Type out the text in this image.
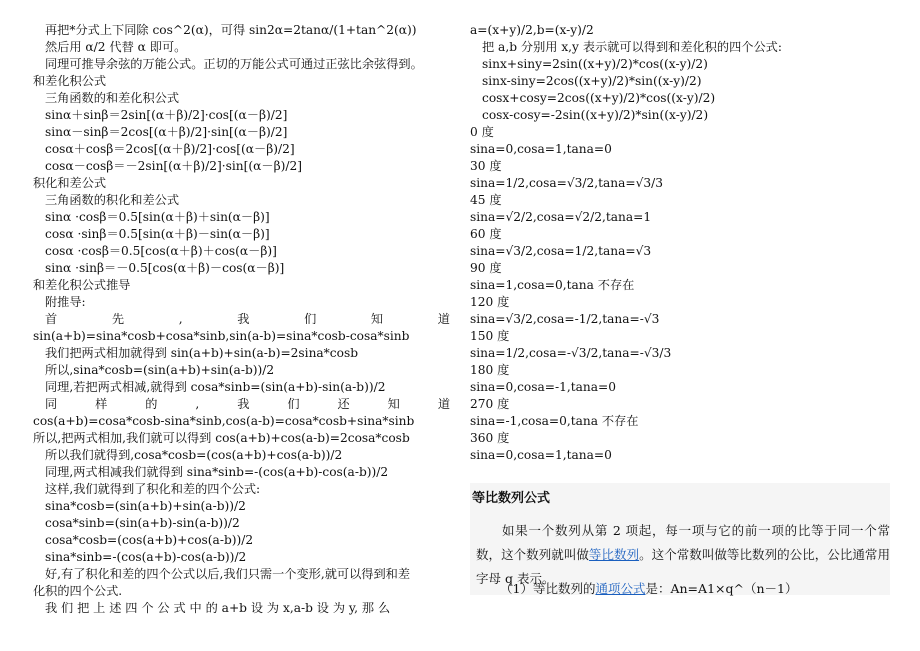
再把*分式上下同除 cos^2(α)，可得 sin2α=2tanα/(1+tan^2(α))
然后用 α/2 代替 α 即可。
同理可推导余弦的万能公式。正切的万能公式可通过正弦比余弦得到。
和差化积公式
三角函数的和差化积公式
sinα＋sinβ＝2sin[(α＋β)/2]·cos[(α－β)/2]
sinα－sinβ＝2cos[(α＋β)/2]·sin[(α－β)/2]
cosα＋cosβ＝2cos[(α＋β)/2]·cos[(α－β)/2]
cosα－cosβ＝－2sin[(α＋β)/2]·sin[(α－β)/2]
积化和差公式
三角函数的积化和差公式
sinα ·cosβ＝0.5[sin(α＋β)＋sin(α－β)]
cosα ·sinβ＝0.5[sin(α＋β)－sin(α－β)]
cosα ·cosβ＝0.5[cos(α＋β)＋cos(α－β)]
sinα ·sinβ＝－0.5[cos(α＋β)－cos(α－β)]
和差化积公式推导
附推导:
首	先	,	我	们	知	道
sin(a+b)=sina*cosb+cosa*sinb,sin(a-b)=sina*cosb-cosa*sinb
我们把两式相加就得到 sin(a+b)+sin(a-b)=2sina*cosb
所以,sina*cosb=(sin(a+b)+sin(a-b))/2
同理,若把两式相减,就得到 cosa*sinb=(sin(a+b)-sin(a-b))/2
同	样	的	,	我	们	还	知	道
cos(a+b)=cosa*cosb-sina*sinb,cos(a-b)=cosa*cosb+sina*sinb
所以,把两式相加,我们就可以得到 cos(a+b)+cos(a-b)=2cosa*cosb
所以我们就得到,cosa*cosb=(cos(a+b)+cos(a-b))/2
同理,两式相减我们就得到 sina*sinb=-(cos(a+b)-cos(a-b))/2
这样,我们就得到了积化和差的四个公式:
sina*cosb=(sin(a+b)+sin(a-b))/2
cosa*sinb=(sin(a+b)-sin(a-b))/2
cosa*cosb=(cos(a+b)+cos(a-b))/2
sina*sinb=-(cos(a+b)-cos(a-b))/2
好,有了积化和差的四个公式以后,我们只需一个变形,就可以得到和差
化积的四个公式.
我 们 把 上 述 四 个 公 式 中 的 a+b 设 为 x,a-b 设 为 y, 那 么
a=(x+y)/2,b=(x-y)/2
把 a,b 分别用 x,y 表示就可以得到和差化积的四个公式:
sinx+siny=2sin((x+y)/2)*cos((x-y)/2)
sinx-siny=2cos((x+y)/2)*sin((x-y)/2)
cosx+cosy=2cos((x+y)/2)*cos((x-y)/2)
cosx-cosy=-2sin((x+y)/2)*sin((x-y)/2)
0 度
sina=0,cosa=1,tana=0
30 度
sina=1/2,cosa=√3/2,tana=√3/3
45 度
sina=√2/2,cosa=√2/2,tana=1
60 度
sina=√3/2,cosa=1/2,tana=√3
90 度
sina=1,cosa=0,tana 不存在
120 度
sina=√3/2,cosa=-1/2,tana=-√3
150 度
sina=1/2,cosa=-√3/2,tana=-√3/3
180 度
sina=0,cosa=-1,tana=0
270 度
sina=-1,cosa=0,tana 不存在
360 度
sina=0,cosa=1,tana=0
等比数列公式
如果一个数列从第 2 项起，每一项与它的前一项的比等于同一个常数，这个数列就叫做等比数列。这个常数叫做等比数列的公比，公比通常用字母 q 表示。
（1）等比数列的通项公式是：An=A1×q^（n－1）
